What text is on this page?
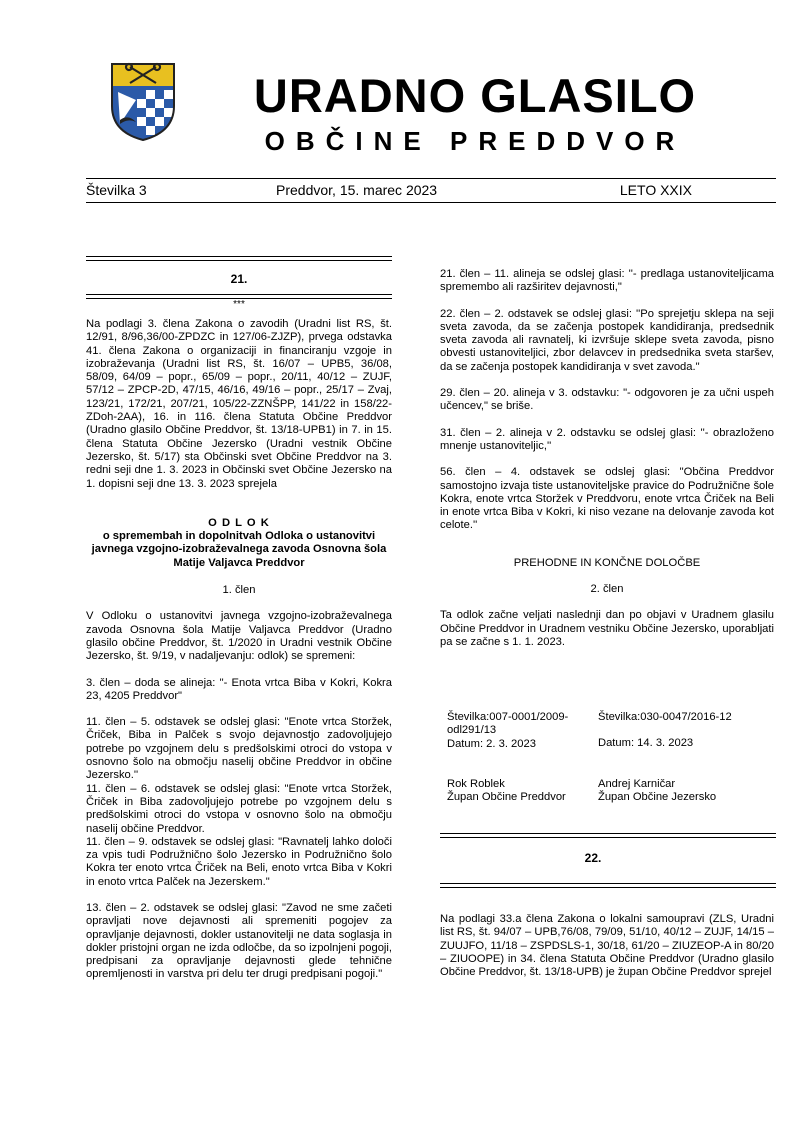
URADNO GLASILO
OBČINE PREDDVOR
Številka 3	Preddvor, 15. marec 2023	LETO XXIX
21.
***

Na podlagi 3. člena Zakona o zavodih (Uradni list RS, št. 12/91, 8/96,36/00-ZPDZC in 127/06-ZJZP), prvega odstavka 41. člena Zakona o organizaciji in financiranju vzgoje in izobraževanja (Uradni list RS, št. 16/07 – UPB5, 36/08, 58/09, 64/09 – popr., 65/09 – popr., 20/11, 40/12 – ZUJF, 57/12 – ZPCP-2D, 47/15, 46/16, 49/16 – popr., 25/17 – Zvaj, 123/21, 172/21, 207/21, 105/22-ZZNŠPP, 141/22 in 158/22-ZDoh-2AA), 16. in 116. člena Statuta Občine Preddvor (Uradno glasilo Občine Preddvor, št. 13/18-UPB1) in 7. in 15. člena Statuta Občine Jezersko (Uradni vestnik Občine Jezersko, št. 5/17) sta Občinski svet Občine Preddvor na 3. redni seji dne 1. 3. 2023 in Občinski svet Občine Jezersko na 1. dopisni seji dne 13. 3. 2023 sprejela

O D L O K

o spremembah in dopolnitvah Odloka o ustanovitvi javnega vzgojno-izobraževalnega zavoda Osnovna šola Matije Valjavca Preddvor

1. člen

V Odloku o ustanovitvi javnega vzgojno-izobraževalnega zavoda Osnovna šola Matije Valjavca Preddvor (Uradno glasilo občine Preddvor, št. 1/2020 in Uradni vestnik Občine Jezersko, št. 9/19, v nadaljevanju: odlok) se spremeni:

3. člen – doda se alineja: "- Enota vrtca Biba v Kokri, Kokra 23, 4205 Preddvor"

11. člen – 5. odstavek se odslej glasi: "Enote vrtca Storžek, Čriček, Biba in Palček s svojo dejavnostjo zadovoljujejo potrebe po vzgojnem delu s predšolskimi otroci do vstopa v osnovno šolo na območju naselij občine Preddvor in občine Jezersko.''

11. člen – 6. odstavek se odslej glasi: "Enote vrtca Storžek, Čriček in Biba zadovoljujejo potrebe po vzgojnem delu s predšolskimi otroci do vstopa v osnovno šolo na območju naselij občine Preddvor.

11. člen – 9. odstavek se odslej glasi: "Ravnatelj lahko določi za vpis tudi Podružnično šolo Jezersko in Podružnično šolo Kokra ter enoto vrtca Čriček na Beli, enoto vrtca Biba v Kokri in enoto vrtca Palček na Jezerskem."

13. člen – 2. odstavek se odslej glasi: "Zavod ne sme začeti opravljati nove dejavnosti ali spremeniti pogojev za opravljanje dejavnosti, dokler ustanovitelji ne data soglasja in dokler pristojni organ ne izda odločbe, da so izpolnjeni pogoji, predpisani za opravljanje dejavnosti glede tehnične opremljenosti in varstva pri delu ter drugi predpisani pogoji."

21. člen – 11. alineja se odslej glasi: ''- predlaga ustanoviteljicama spremembo ali razširitev dejavnosti,"

22. člen – 2. odstavek se odslej glasi: ''Po sprejetju sklepa na seji sveta zavoda, da se začenja postopek kandidiranja, predsednik sveta zavoda ali ravnatelj, ki izvršuje sklepe sveta zavoda, pisno obvesti ustanoviteljici, zbor delavcev in predsednika sveta staršev, da se začenja postopek kandidiranja v svet zavoda."

29. člen – 20. alineja v 3. odstavku: "- odgovoren je za učni uspeh učencev," se briše.

31. člen – 2. alineja v 2. odstavku se odslej glasi: ''- obrazloženo mnenje ustanoviteljic,''

56. člen – 4. odstavek se odslej glasi: "Občina Preddvor samostojno izvaja tiste ustanoviteljske pravice do Podružnične šole Kokra, enote vrtca Storžek v Preddvoru, enote vrtca Čriček na Beli in enote vrtca Biba v Kokri, ki niso vezane na delovanje zavoda kot celote.''

PREHODNE IN KONČNE DOLOČBE

2. člen

Ta odlok začne veljati naslednji dan po objavi v Uradnem glasilu Občine Preddvor in Uradnem vestniku Občine Jezersko, uporabljati pa se začne s 1. 1. 2023.

Številka:007-0001/2009-odl291/13
Datum: 2. 3. 2023
Rok Roblek
Župan Občine Preddvor
Številka:030-0047/2016-12
Datum: 14. 3. 2023
Andrej Karničar
Župan Občine Jezersko
22.

Na podlagi 33.a člena Zakona o lokalni samoupravi (ZLS, Uradni list RS, št. 94/07 – UPB,76/08, 79/09, 51/10, 40/12 – ZUJF, 14/15 – ZUUJFO, 11/18 – ZSPDSLS-1, 30/18, 61/20 – ZIUZEOP-A in 80/20 – ZIUOOPE) in 34. člena Statuta Občine Preddvor (Uradno glasilo Občine Preddvor, št. 13/18-UPB) je župan Občine Preddvor sprejel
